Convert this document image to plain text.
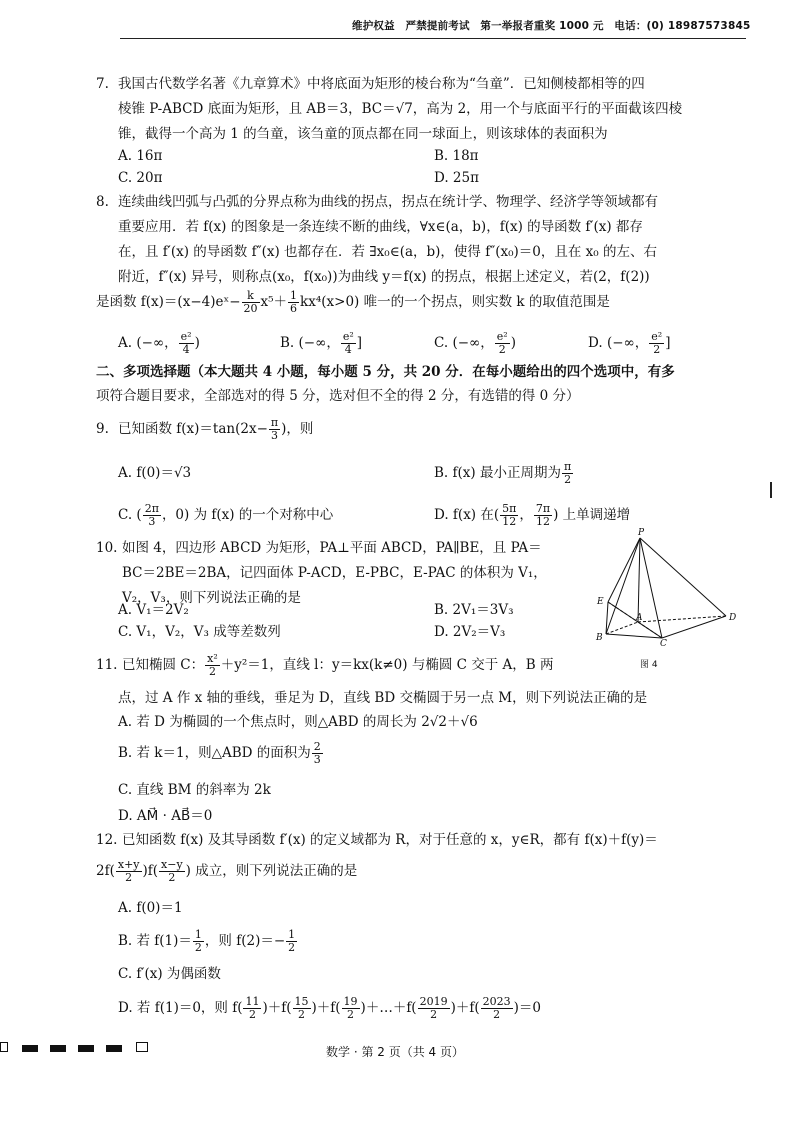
维护权益　严禁提前考试　第一举报者重奖 1000 元　电话：(0) 18987573845
7. 我国古代数学名著《九章算术》中将底面为矩形的棱台称为“刍童”．已知侧棱都相等的四
棱锥 P-ABCD 底面为矩形，且 AB＝3，BC＝√7，高为 2，用一个与底面平行的平面截该四棱
锥，截得一个高为 1 的刍童，该刍童的顶点都在同一球面上，则该球体的表面积为
A. 16π	B. 18π
C. 20π	D. 25π
8. 连续曲线凹弧与凸弧的分界点称为曲线的拐点，拐点在统计学、物理学、经济学等领域都有
重要应用．若 f(x) 的图象是一条连续不断的曲线，∀x∈(a，b)，f(x) 的导函数 f′(x) 都存
在，且 f′(x) 的导函数 f″(x) 也都存在．若 ∃x₀∈(a，b)，使得 f″(x₀)＝0，且在 x₀ 的左、右
附近，f″(x) 异号，则称点(x₀，f(x₀))为曲线 y＝f(x) 的拐点，根据上述定义，若(2，f(2))
是函数 f(x)＝(x−4)eˣ− $\frac{k}{20} x^5+ \frac{1}{6} kx^4(x>0)$ 唯一的一个拐点，则实数 k 的取值范围是
A. (−∞， $\frac{\text{e²}}{4}$ )	B. (−∞， $\frac{\text{e²}}{4}$ ]	C. (−∞， $\frac{\text{e²}}{2}$ )	D. (−∞， $\frac{\text{e²}}{2}$ ]
二、多项选择题（本大题共 4 小题，每小题 5 分，共 20 分．在每小题给出的四个选项中，有多
项符合题目要求，全部选对的得 5 分，选对但不全的得 2 分，有选错的得 0 分）
9. 已知函数 $f(x)=\tan(2x- \frac{\pi}{3}$ )，则
A. f(0)＝√3	B. f(x) 最小正周期为 $\frac{\pi}{2}$
C. ( $\frac{2\pi}{3}$ ，0) 为 f(x) 的一个对称中心	D. f(x) 在( $\frac{5\pi}{12}$ ， $\frac{7\pi}{12}$ ) 上单调递增
10. 如图 4，四边形 ABCD 为矩形，PA⊥平面 ABCD，PA∥BE，且 PA＝
BC＝2BE＝2BA，记四面体 P-ACD，E-PBC，E-PAC 的体积为 V₁，
V₂，V₃，则下列说法正确的是
A. V₁＝2V₂	B. 2V₁＝3V₃
C. V₁，V₂，V₃ 成等差数列	D. 2V₂＝V₃
P
E
B
A
C
D
图 4
11. 已知椭圆 C： $\frac{\text{x²}}{2} +y^2=1$，直线 l：y＝kx(k≠0) 与椭圆 C 交于 A，B 两
点，过 A 作 x 轴的垂线，垂足为 D，直线 BD 交椭圆于另一点 M，则下列说法正确的是
A. 若 D 为椭圆的一个焦点时，则△ABD 的周长为 2√2＋√6
B. 若 k＝1，则△ABD 的面积为 $\frac{2}{3}$
C. 直线 BM 的斜率为 2k
D. AM⃗ · AB⃗＝0
12. 已知函数 f(x) 及其导函数 f′(x) 的定义域都为 R，对于任意的 x，y∈R，都有 f(x)＋f(y)＝
$2f( \frac{x+y}{2} )f( \frac{x-y}{2}$ ) 成立，则下列说法正确的是
A. f(0)＝1
B. 若 $f(1)= \frac{1}{2}$ ，则 $f(2)=- \frac{1}{2}$
C. f′(x) 为偶函数
D. 若 f(1)＝0，则 $f( \frac{11}{2} )+f( \frac{15}{2} )+f( \frac{19}{2}$ )＋…＋f( $\frac{2019}{2} )+f( \frac{2023}{2} )=0$
数学 · 第 2 页（共 4 页）
